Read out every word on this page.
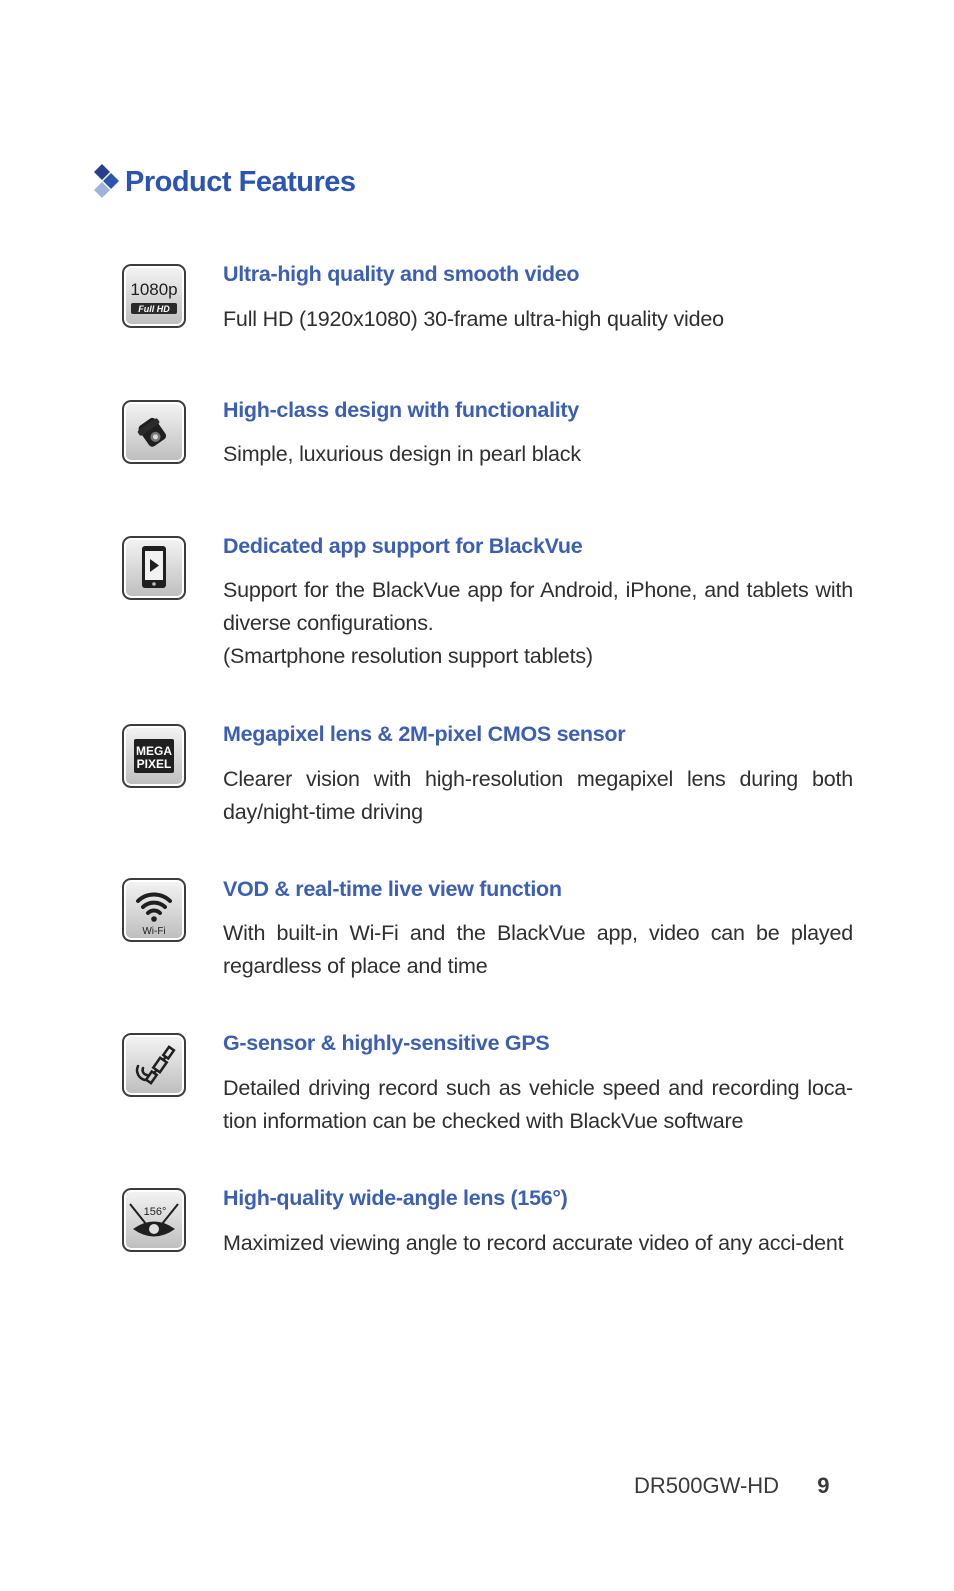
Product Features
1080p
Full HD
Ultra-high quality and smooth video
Full HD (1920x1080) 30-frame ultra-high quality video
High-class design with functionality
Simple, luxurious design in pearl black
Dedicated app support for BlackVue
Support for the BlackVue app for Android, iPhone, and tablets with diverse configurations.
(Smartphone resolution support tablets)
MEGA
PIXEL
Megapixel lens & 2M-pixel CMOS sensor
Clearer vision with high-resolution megapixel lens during both day/night-time driving
Wi-Fi
VOD & real-time live view function
With built-in Wi-Fi and the BlackVue app, video can be played regardless of place and time
G-sensor & highly-sensitive GPS
Detailed driving record such as vehicle speed and recording loca-tion information can be checked with BlackVue software
156°
High-quality wide-angle lens (156°)
Maximized viewing angle to record accurate video of any acci-dent
DR500GW-HD 9
